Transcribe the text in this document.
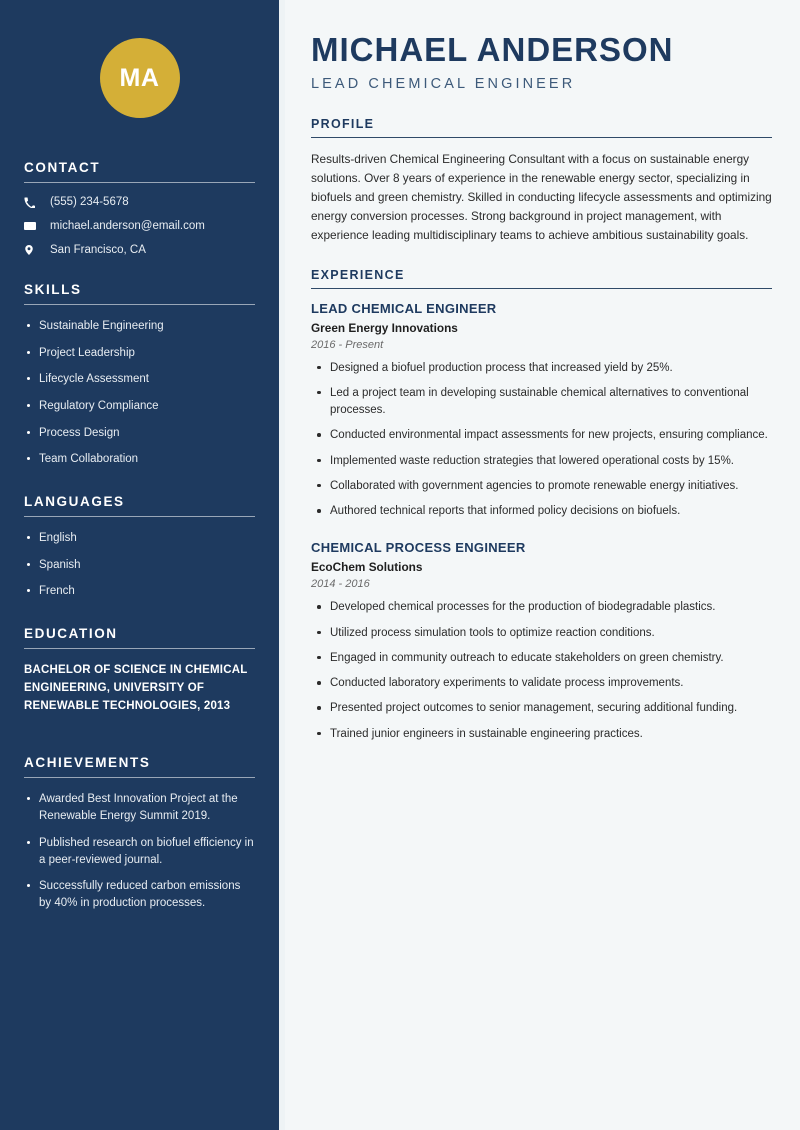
MA
CONTACT
(555) 234-5678
michael.anderson@email.com
San Francisco, CA
SKILLS
Sustainable Engineering
Project Leadership
Lifecycle Assessment
Regulatory Compliance
Process Design
Team Collaboration
LANGUAGES
English
Spanish
French
EDUCATION
BACHELOR OF SCIENCE IN CHEMICAL ENGINEERING, UNIVERSITY OF RENEWABLE TECHNOLOGIES, 2013
ACHIEVEMENTS
Awarded Best Innovation Project at the Renewable Energy Summit 2019.
Published research on biofuel efficiency in a peer-reviewed journal.
Successfully reduced carbon emissions by 40% in production processes.
MICHAEL ANDERSON
LEAD CHEMICAL ENGINEER
PROFILE

Results-driven Chemical Engineering Consultant with a focus on sustainable energy solutions. Over 8 years of experience in the renewable energy sector, specializing in biofuels and green chemistry. Skilled in conducting lifecycle assessments and optimizing energy conversion processes. Strong background in project management, with experience leading multidisciplinary teams to achieve ambitious sustainability goals.

EXPERIENCE
LEAD CHEMICAL ENGINEER
Green Energy Innovations
2016 - Present
Designed a biofuel production process that increased yield by 25%.
Led a project team in developing sustainable chemical alternatives to conventional processes.
Conducted environmental impact assessments for new projects, ensuring compliance.
Implemented waste reduction strategies that lowered operational costs by 15%.
Collaborated with government agencies to promote renewable energy initiatives.
Authored technical reports that informed policy decisions on biofuels.
CHEMICAL PROCESS ENGINEER
EcoChem Solutions
2014 - 2016
Developed chemical processes for the production of biodegradable plastics.
Utilized process simulation tools to optimize reaction conditions.
Engaged in community outreach to educate stakeholders on green chemistry.
Conducted laboratory experiments to validate process improvements.
Presented project outcomes to senior management, securing additional funding.
Trained junior engineers in sustainable engineering practices.
